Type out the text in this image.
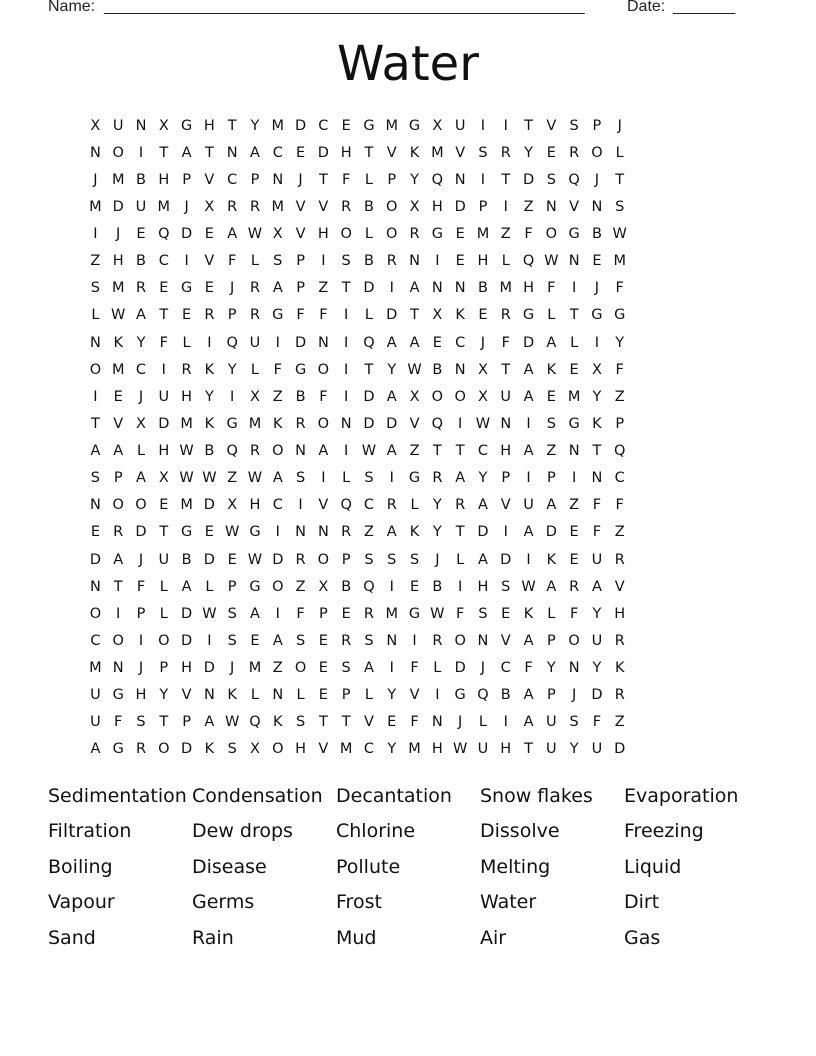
Name: ______________________________________________________	Date: _______
Water
X U N X G H T Y M D C E G M G X U	I	I	T V S P	J
N O	I	T A T N A C E D H T V K M V S R Y E R O L
J M B H P V C P N	J	T F	L P Y Q N	I	T D S Q	J	T
M D U M J	X R R M V V R B O X H D P	I	Z N V N S
I	J	E Q D E A W X V H O L O R G E M Z F O G B W
Z H B C	I	V F	L S P	I	S B R N	I	E H L Q W N E M
S M R E G E	J	R A P Z T D	I	A N N B M H F	I	J	F
L W A T E R P R G F F	I	L D T X K E R G L T G G
N K Y F	L	I	Q U	I	D N	I	Q A A E C	J	F D A L	I	Y
O M C	I	R K Y L	F G O	I	T Y W B N X T A K E X F
I	E	J	U H Y	I	X Z B F	I	D A X O O X U A E M Y Z
T V X D M K G M K R O N D D V Q	I W N	I	S G K P
A A L H W B Q R O N A	I W A Z T T C H A Z N T Q
S P A X W W Z W A S	I	L S	I	G R A Y P	I	P	I	N C
N O O E M D X H C	I	V Q C R L Y R A V U A Z F F
E R D T G E W G	I	N N R Z A K Y T D	I	A D E F Z
D A	J	U B D E W D R O P S S S	J	L A D	I	K E U R
N T F	L A L P G O Z X B Q	I	E B	I	H S W A R A V
O	I	P L D W S A	I	F P E R M G W F S E K L	F Y H
C O	I	O D	I	S E A S E R S N	I	R O N V A P O U R
M N	J	P H D	J M Z O E S A	I	F	L D	J	C F Y N Y K
U G H Y V N K L N L E P L Y V	I	G Q B A P	J	D R
U F S T P A W Q K S T T V E F N	J	L	I	A U S F Z
A G R O D K S X O H V M C Y M H W U H T U Y U D
Sedimentation Condensation Decantation	Snow flakes	Evaporation
Filtration	Dew drops	Chlorine	Dissolve	Freezing
Boiling	Disease	Pollute	Melting	Liquid
Vapour	Germs	Frost	Water	Dirt
Sand	Rain	Mud	Air	Gas
